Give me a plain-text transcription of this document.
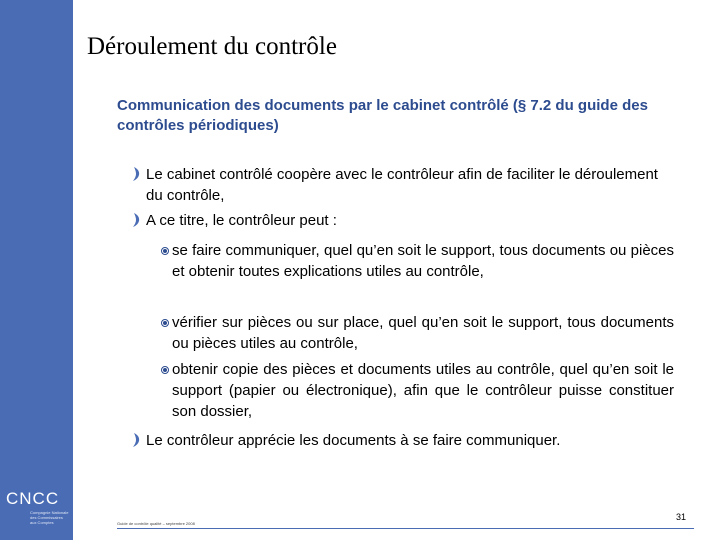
CNCC
Compagnie Nationale des Commissaires aux Comptes
Déroulement du contrôle
Communication des documents par le cabinet contrôlé (§ 7.2 du guide des contrôles périodiques)
Le cabinet contrôlé coopère avec le contrôleur afin de faciliter le déroulement du contrôle,
A ce titre, le contrôleur peut :
se faire communiquer, quel qu’en soit le support, tous documents ou pièces et obtenir toutes explications utiles au contrôle,
vérifier sur pièces ou sur place, quel qu’en soit le support, tous documents ou pièces utiles au contrôle,
obtenir copie des pièces et documents utiles au contrôle, quel qu’en soit le support (papier ou électronique), afin que le contrôleur puisse constituer son dossier,
Le contrôleur apprécie les documents à se faire communiquer.
31
Guide de contrôle qualité – septembre 2008
